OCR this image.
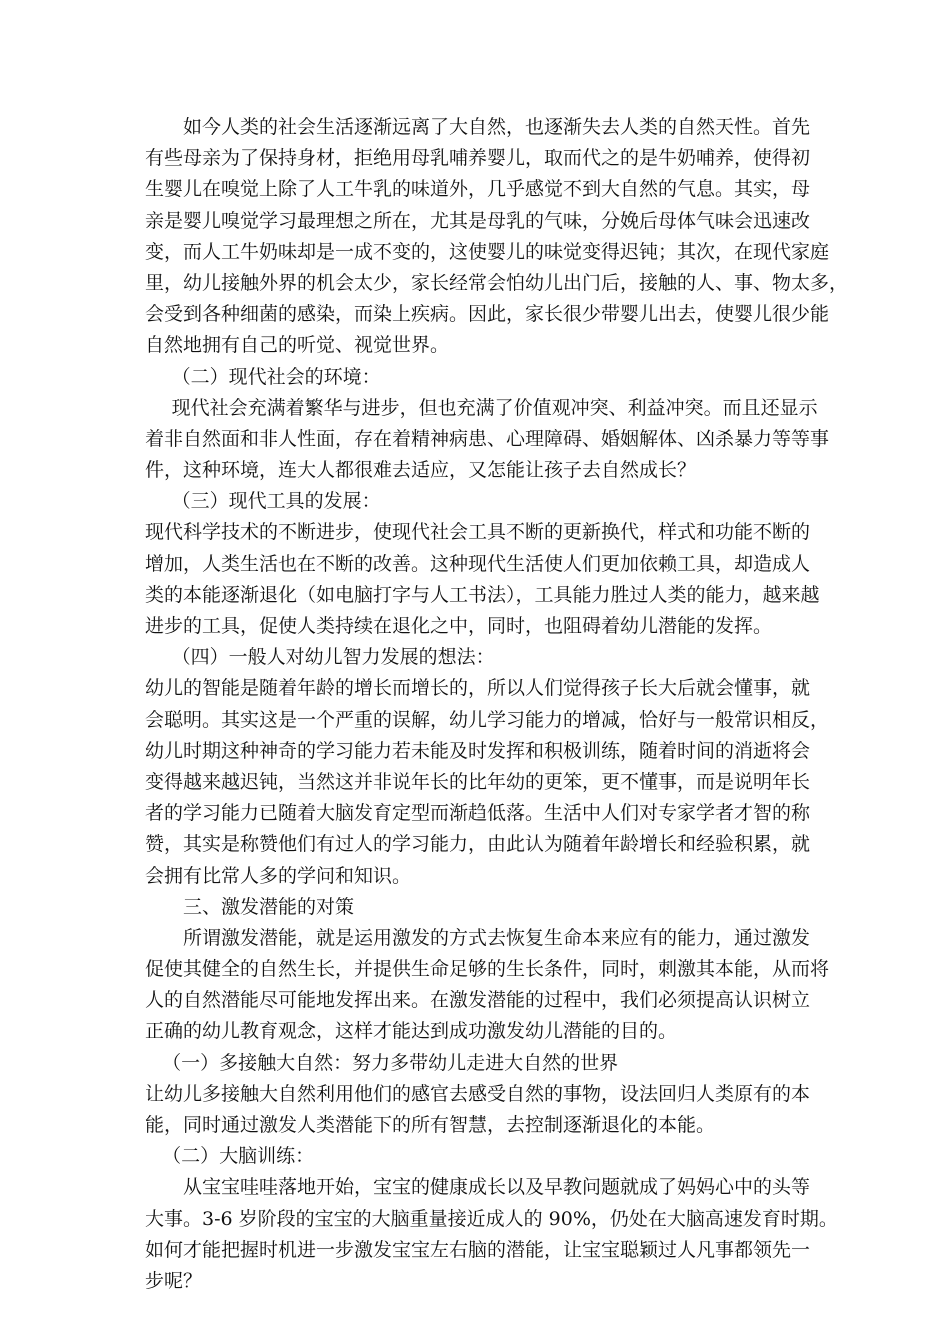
如今人类的社会生活逐渐远离了大自然，也逐渐失去人类的自然天性。首先
有些母亲为了保持身材，拒绝用母乳哺养婴儿，取而代之的是牛奶哺养，使得初
生婴儿在嗅觉上除了人工牛乳的味道外，几乎感觉不到大自然的气息。其实，母
亲是婴儿嗅觉学习最理想之所在，尤其是母乳的气味，分娩后母体气味会迅速改
变，而人工牛奶味却是一成不变的，这使婴儿的味觉变得迟钝；其次，在现代家庭
里，幼儿接触外界的机会太少，家长经常会怕幼儿出门后，接触的人、事、物太多，
会受到各种细菌的感染，而染上疾病。因此，家长很少带婴儿出去，使婴儿很少能
自然地拥有自己的听觉、视觉世界。
（二）现代社会的环境：
现代社会充满着繁华与进步，但也充满了价值观冲突、利益冲突。而且还显示
着非自然面和非人性面，存在着精神病患、心理障碍、婚姻解体、凶杀暴力等等事
件，这种环境，连大人都很难去适应，又怎能让孩子去自然成长？
（三）现代工具的发展：
现代科学技术的不断进步，使现代社会工具不断的更新换代，样式和功能不断的
增加，人类生活也在不断的改善。这种现代生活使人们更加依赖工具，却造成人
类的本能逐渐退化（如电脑打字与人工书法），工具能力胜过人类的能力，越来越
进步的工具，促使人类持续在退化之中，同时，也阻碍着幼儿潜能的发挥。
（四）一般人对幼儿智力发展的想法：
幼儿的智能是随着年龄的增长而增长的，所以人们觉得孩子长大后就会懂事，就
会聪明。其实这是一个严重的误解，幼儿学习能力的增减，恰好与一般常识相反，
幼儿时期这种神奇的学习能力若未能及时发挥和积极训练，随着时间的消逝将会
变得越来越迟钝，当然这并非说年长的比年幼的更笨，更不懂事，而是说明年长
者的学习能力已随着大脑发育定型而渐趋低落。生活中人们对专家学者才智的称
赞，其实是称赞他们有过人的学习能力，由此认为随着年龄增长和经验积累，就
会拥有比常人多的学问和知识。
三、激发潜能的对策
所谓激发潜能，就是运用激发的方式去恢复生命本来应有的能力，通过激发
促使其健全的自然生长，并提供生命足够的生长条件，同时，刺激其本能，从而将
人的自然潜能尽可能地发挥出来。在激发潜能的过程中，我们必须提高认识树立
正确的幼儿教育观念，这样才能达到成功激发幼儿潜能的目的。
（一）多接触大自然：努力多带幼儿走进大自然的世界
让幼儿多接触大自然利用他们的感官去感受自然的事物，设法回归人类原有的本
能，同时通过激发人类潜能下的所有智慧，去控制逐渐退化的本能。
（二）大脑训练：
从宝宝哇哇落地开始，宝宝的健康成长以及早教问题就成了妈妈心中的头等
大事。3-6 岁阶段的宝宝的大脑重量接近成人的 90%，仍处在大脑高速发育时期。
如何才能把握时机进一步激发宝宝左右脑的潜能，让宝宝聪颖过人凡事都领先一
步呢？
